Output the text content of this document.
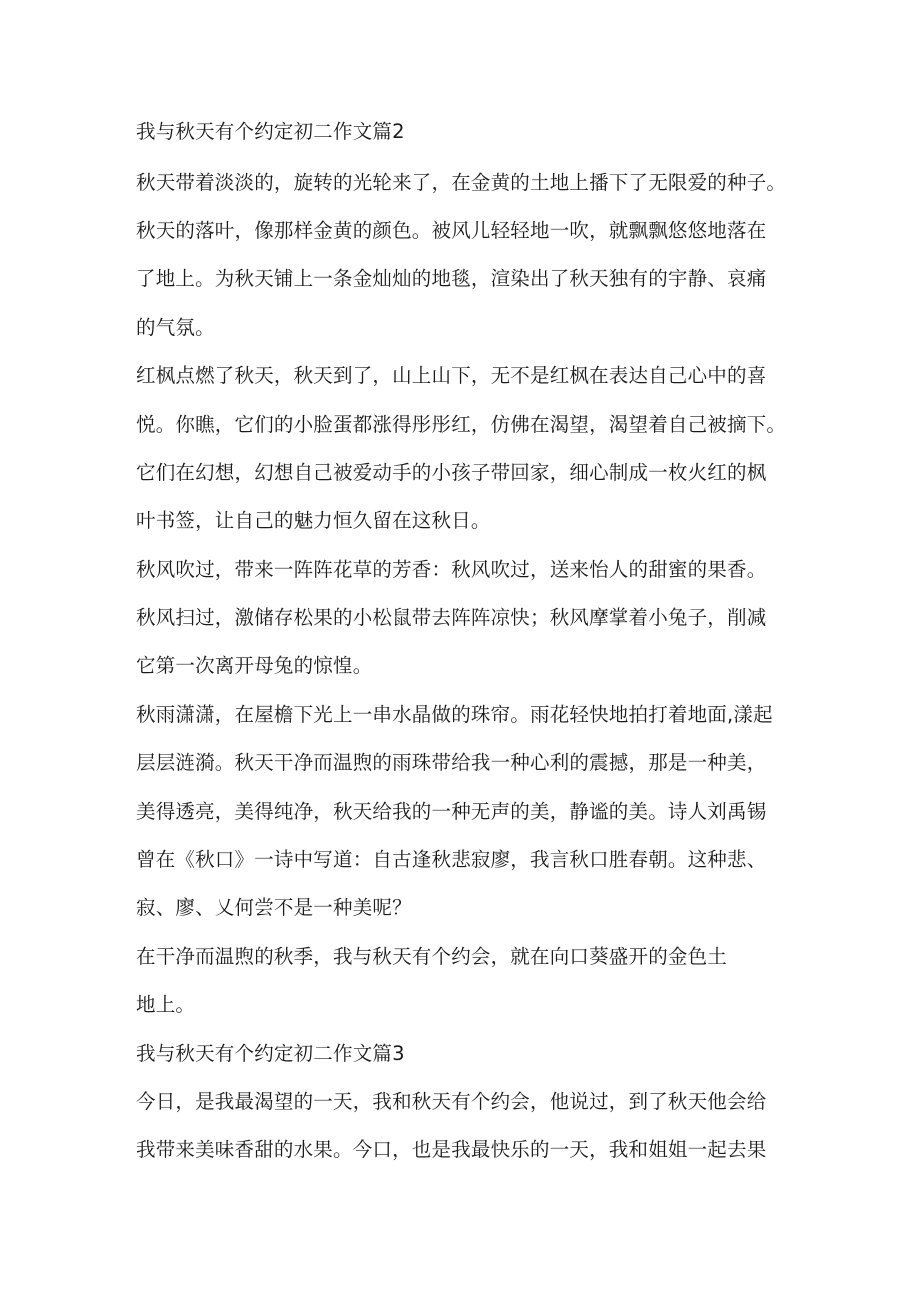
我与秋天有个约定初二作文篇2
秋天带着淡淡的，旋转的光轮来了，在金黄的土地上播下了无限爱的种子。
秋天的落叶，像那样金黄的颜色。被风儿轻轻地一吹，就飘飘悠悠地落在
了地上。为秋天铺上一条金灿灿的地毯，渲染出了秋天独有的宇静、哀痛
的气氛。
红枫点燃了秋天，秋天到了，山上山下，无不是红枫在表达自己心中的喜
悦。你瞧，它们的小脸蛋都涨得彤彤红，仿佛在渴望，渴望着自己被摘下。
它们在幻想，幻想自己被爱动手的小孩子带回家，细心制成一枚火红的枫
叶书签，让自己的魅力恒久留在这秋日。
秋风吹过，带来一阵阵花草的芳香：秋风吹过，送来怡人的甜蜜的果香。
秋风扫过，激储存松果的小松鼠带去阵阵凉快；秋风摩掌着小兔子，削减
它第一次离开母兔的惊惶。
秋雨潇潇，在屋檐下光上一串水晶做的珠帘。雨花轻快地拍打着地面,漾起
层层涟漪。秋天干净而温煦的雨珠带给我一种心利的震撼，那是一种美，
美得透亮，美得纯净，秋天给我的一种无声的美，静谧的美。诗人刘禹锡
曾在《秋口》一诗中写道：自古逢秋悲寂廖，我言秋口胜春朝。这种悲、
寂、廖、乂何尝不是一种美呢？
在干净而温煦的秋季，我与秋天有个约会，就在向口葵盛开的金色土
地上。
我与秋天有个约定初二作文篇3
今日，是我最渴望的一天，我和秋天有个约会，他说过，到了秋天他会给
我带来美味香甜的水果。今口，也是我最快乐的一天，我和姐姐一起去果
